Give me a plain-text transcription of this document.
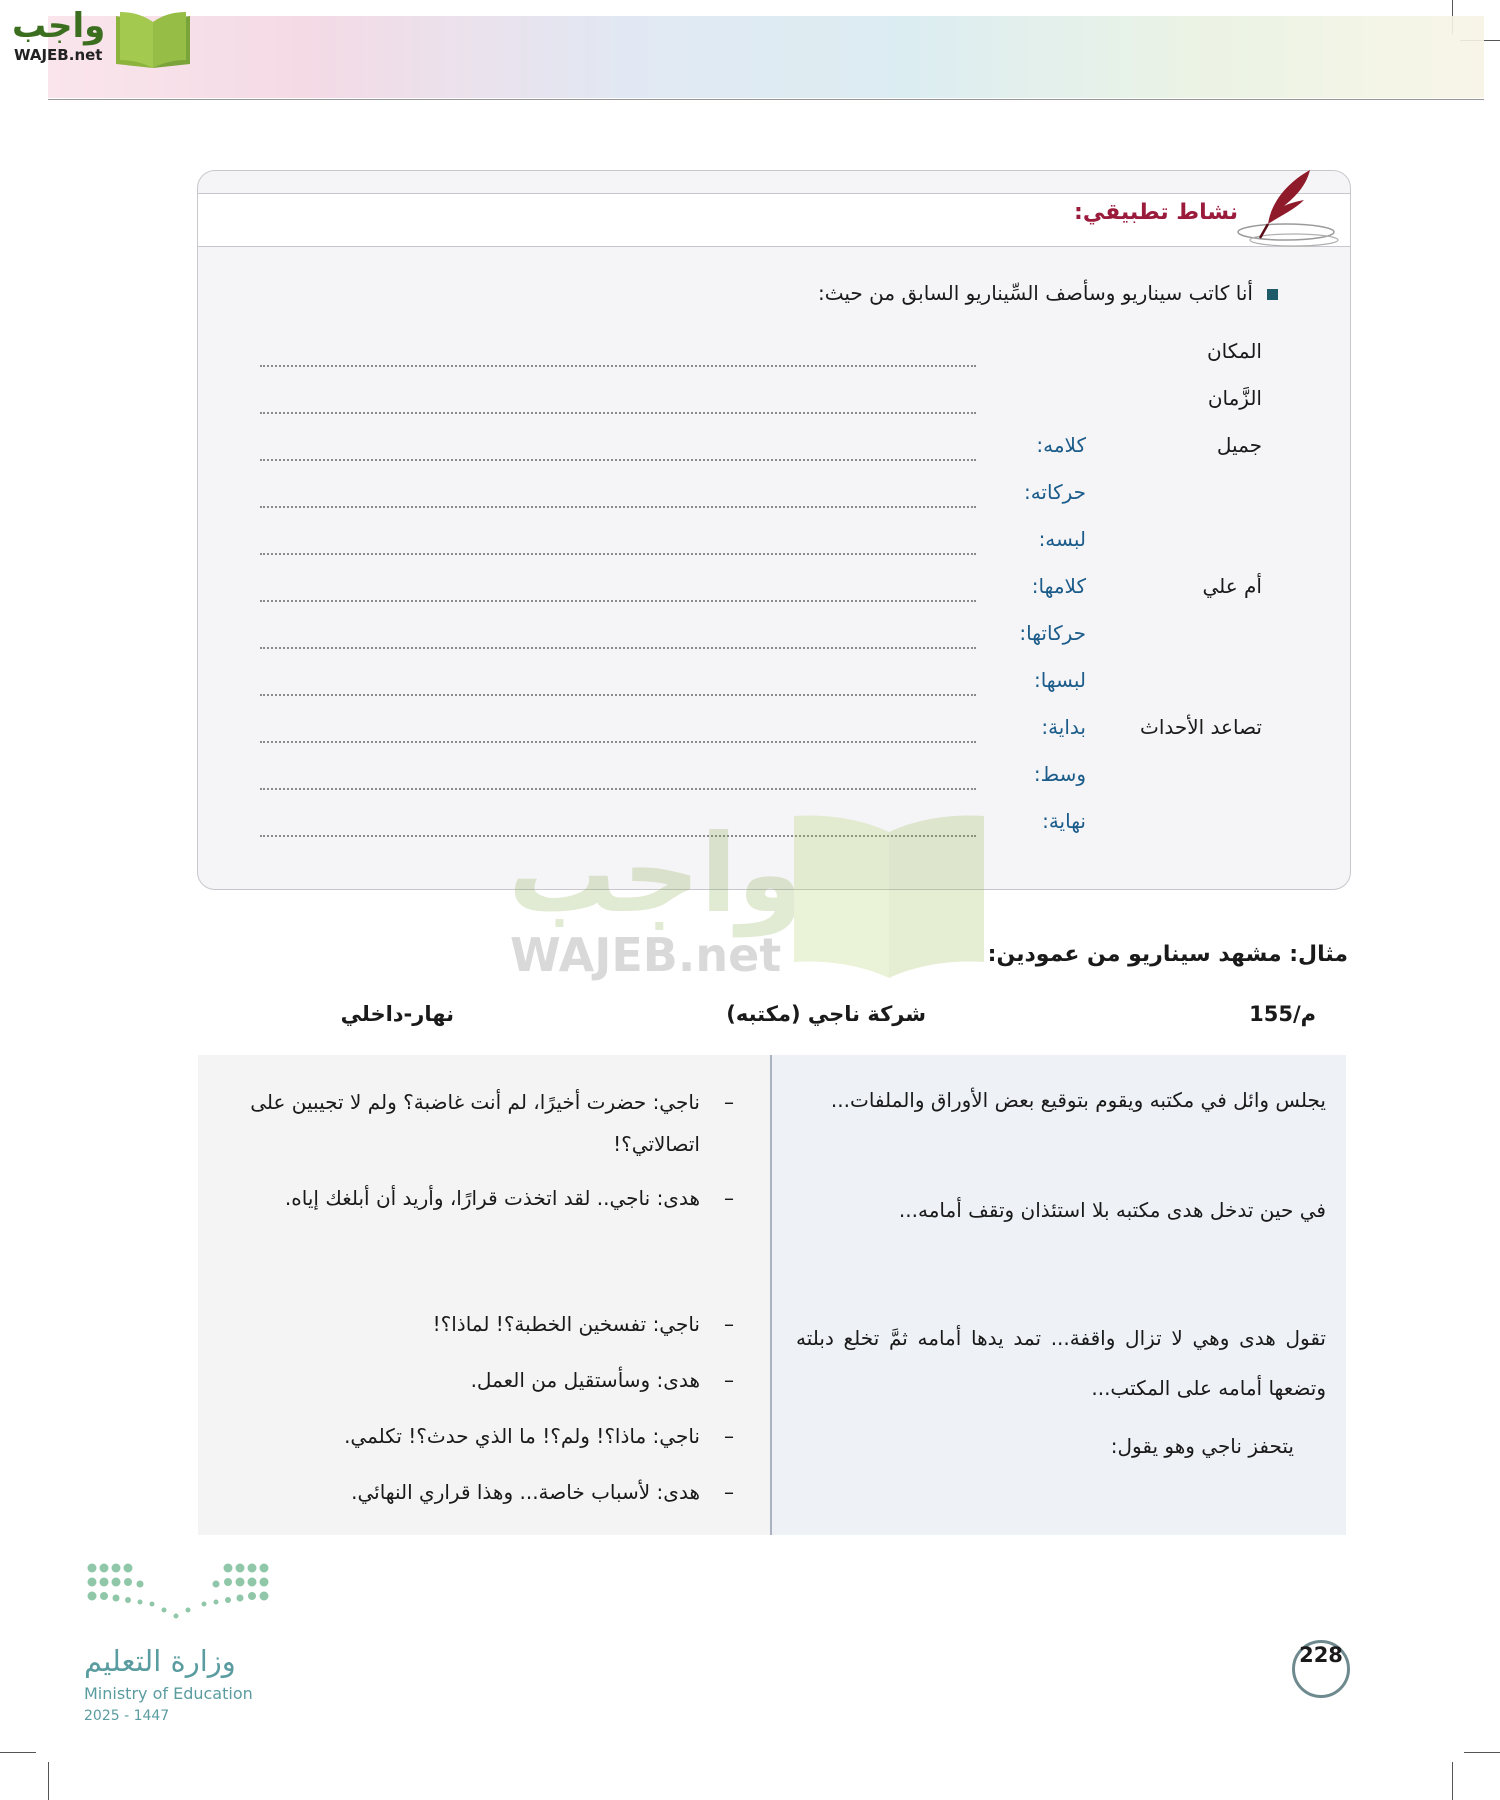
واجب
WAJEB.net
نشاط تطبيقي:
أنا كاتب سيناريو وسأصف السِّيناريو السابق من حيث:
المكان
الزَّمان
جميل
كلامه:
حركاته:
لبسه:
أم علي
كلامها:
حركاتها:
لبسها:
تصاعد الأحداث
بداية:
وسط:
نهاية:
واجب
WAJEB.net	مثال: مشهد سيناريو من عمودين:
م/155
شركة ناجي (مكتبه)
نهار-داخلي
يجلس وائل في مكتبه ويقوم بتوقيع بعض الأوراق والملفات...
في حين تدخل هدى مكتبه بلا استئذان وتقف أمامه...
تقول هدى وهي لا تزال واقفة... تمد يدها أمامه ثمَّ تخلع دبلته وتضعها أمامه على المكتب...
يتحفز ناجي وهو يقول:
–
ناجي: حضرت أخيرًا، لم أنت غاضبة؟ ولم لا تجيبين على اتصالاتي؟!
–
هدى: ناجي.. لقد اتخذت قرارًا، وأريد أن أبلغك إياه.
–
ناجي: تفسخين الخطبة؟! لماذا؟!
–
هدى: وسأستقيل من العمل.
–
ناجي: ماذا؟! ولم؟! ما الذي حدث؟! تكلمي.
–
هدى: لأسباب خاصة... وهذا قراري النهائي.
وزارة التعليم
Ministry of Education
2025 - 1447
228
